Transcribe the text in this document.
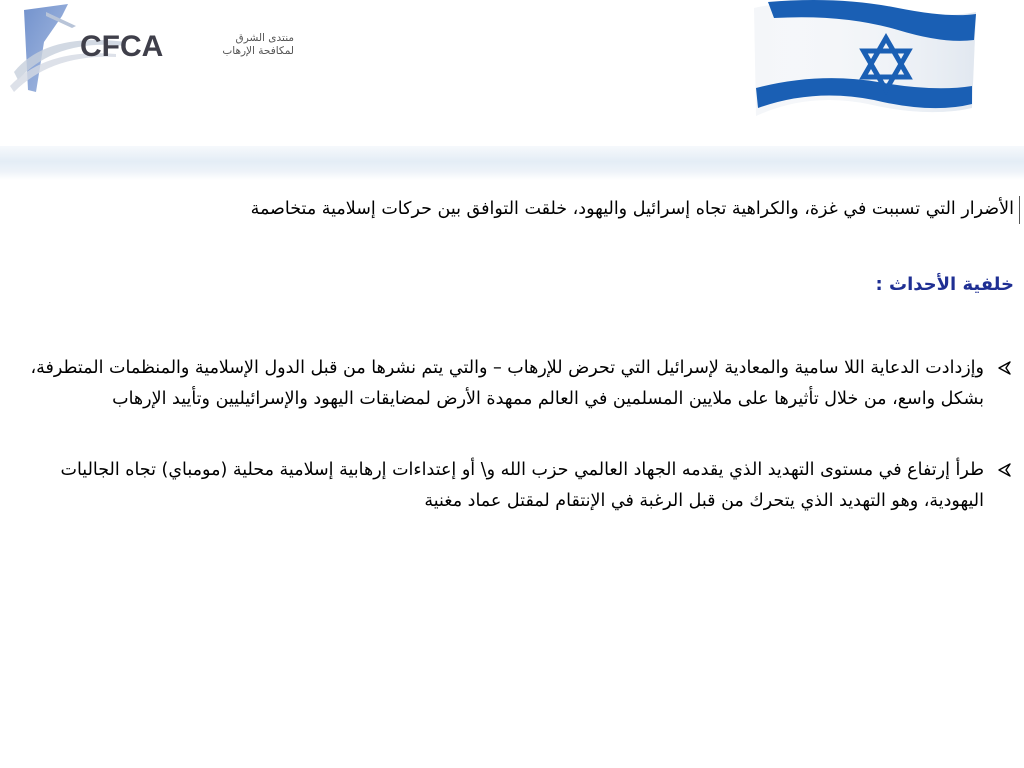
CFCA	منتدى الشرق
لمكافحة الإرهاب
الأضرار التي تسببت في غزة، والكراهية تجاه إسرائيل واليهود، خلقت التوافق بين حركات إسلامية متخاصمة
خلفية الأحداث :
وإزدادت الدعاية اللا سامية والمعادية لإسرائيل التي تحرض للإرهاب – والتي يتم نشرها من قبل الدول الإسلامية والمنظمات المتطرفة، بشكل واسع، من خلال تأثيرها على ملايين المسلمين في العالم ممهدة الأرض لمضايقات اليهود والإسرائيليين وتأييد الإرهاب
طرأ إرتفاع في مستوى التهديد الذي يقدمه الجهاد العالمي حزب الله و\ أو إعتداءات إرهابية إسلامية محلية (مومباي) تجاه الجاليات اليهودية، وهو التهديد الذي يتحرك من قبل الرغبة في الإنتقام لمقتل عماد مغنية
